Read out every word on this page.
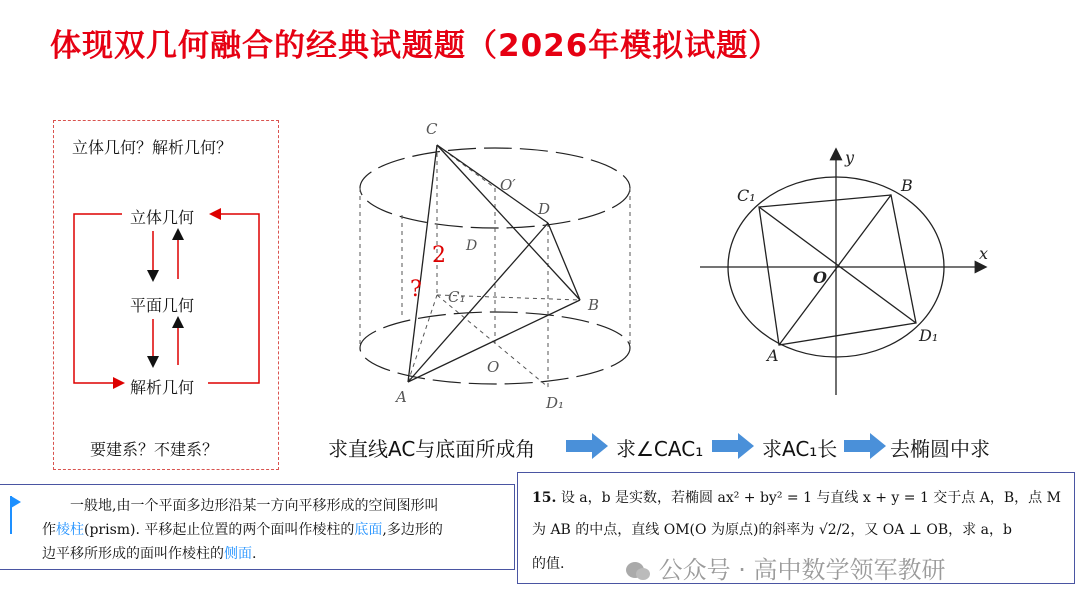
体现双几何融合的经典试题题（2026年模拟试题）
立体几何？解析几何？
立体几何
平面几何
解析几何
要建系？不建系？
C
O′
D
D
C₁	B
O
A	D₁
?
2
y
x
C₁
B
O
A
D₁
求直线AC与底面所成角	求∠CAC₁	求AC₁长	去椭圆中求
一般地,由一个平面多边形沿某一方向平移形成的空间图形叫
作棱柱(prism). 平移起止位置的两个面叫作棱柱的底面,多边形的
边平移所形成的面叫作棱柱的侧面.
15. 设 a，b 是实数，若椭圆 ax² + by² = 1 与直线 x + y = 1 交于点 A，B，点 M
为 AB 的中点，直线 OM(O 为原点)的斜率为 √2/2，又 OA ⊥ OB，求 a，b
的值.	公众号 · 高中数学领军教研
